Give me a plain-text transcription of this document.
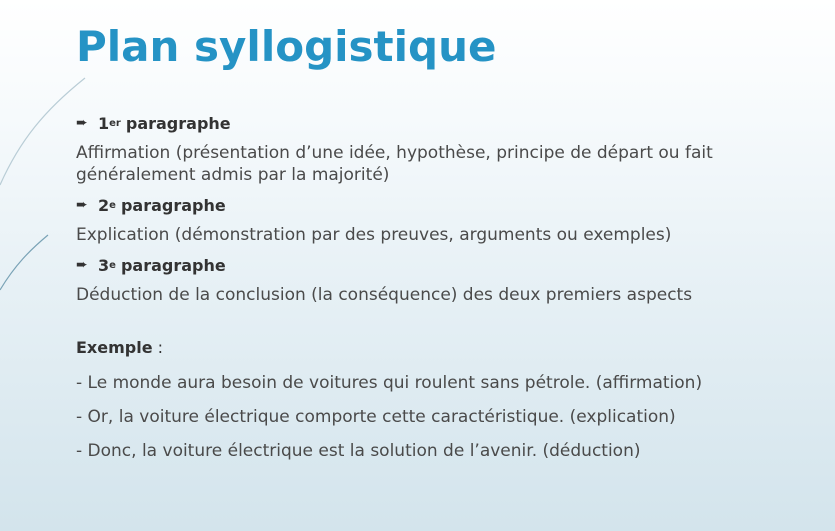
Plan syllogistique
➨ 1 er paragraphe
Affirmation (présentation d’une idée, hypothèse, principe de départ ou fait généralement admis par la majorité)
➨ 2 e paragraphe
Explication (démonstration par des preuves, arguments ou exemples)
➨ 3 e paragraphe
Déduction de la conclusion (la conséquence) des deux premiers aspects
Exemple :
- Le monde aura besoin de voitures qui roulent sans pétrole. (affirmation)
- Or, la voiture électrique comporte cette caractéristique. (explication)
- Donc, la voiture électrique est la solution de l’avenir. (déduction)
